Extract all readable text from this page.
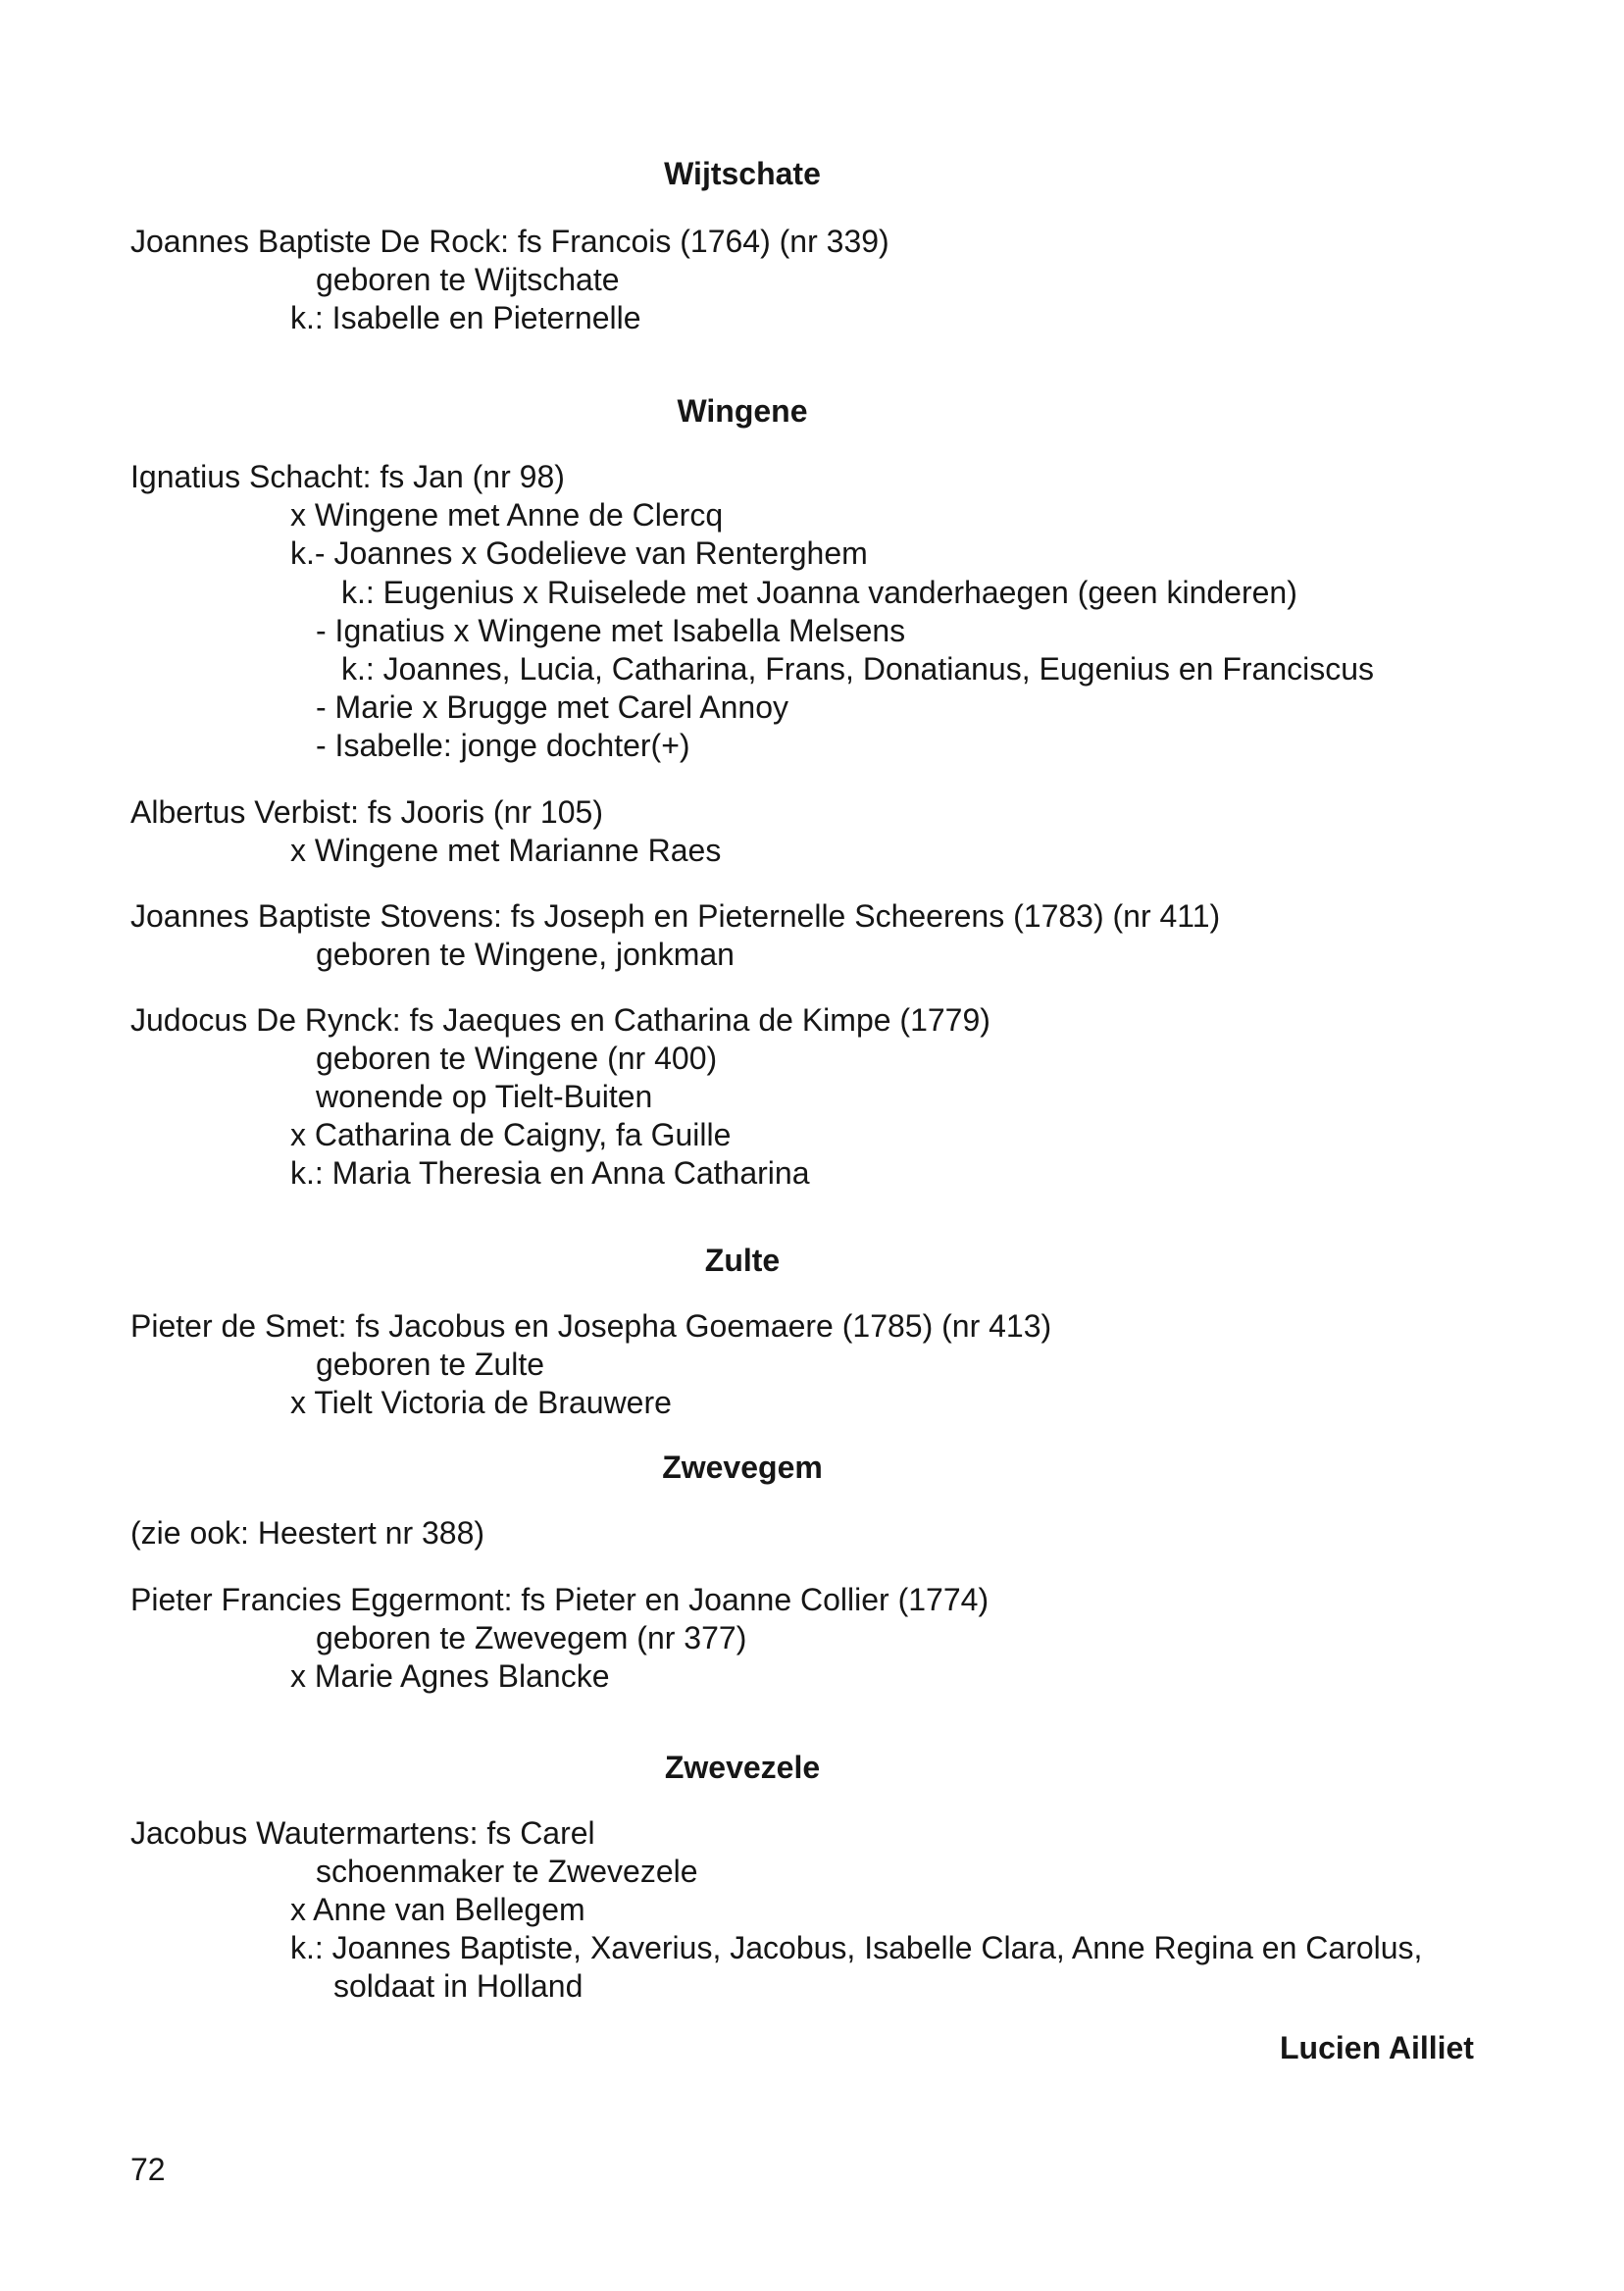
Wijtschate
Joannes Baptiste De Rock: fs Francois (1764) (nr 339)
geboren te Wijtschate
k.: Isabelle en Pieternelle
Wingene
Ignatius Schacht: fs Jan (nr 98)
x Wingene met Anne de Clercq
k.- Joannes x Godelieve van Renterghem
k.: Eugenius x Ruiselede met Joanna vanderhaegen (geen kinderen)
- Ignatius x Wingene met Isabella Melsens
k.: Joannes, Lucia, Catharina, Frans, Donatianus, Eugenius en Franciscus
- Marie x Brugge met Carel Annoy
- Isabelle: jonge dochter(+)
Albertus Verbist: fs Jooris (nr 105)
x Wingene met Marianne Raes
Joannes Baptiste Stovens: fs Joseph en Pieternelle Scheerens (1783) (nr 411)
geboren te Wingene, jonkman
Judocus De Rynck: fs Jaeques en Catharina de Kimpe (1779)
geboren te Wingene (nr 400)
wonende op Tielt-Buiten
x Catharina de Caigny, fa Guille
k.: Maria Theresia en Anna Catharina
Zulte
Pieter de Smet: fs Jacobus en Josepha Goemaere (1785) (nr 413)
geboren te Zulte
x Tielt Victoria de Brauwere
Zwevegem
(zie ook: Heestert nr 388)
Pieter Francies Eggermont: fs Pieter en Joanne Collier (1774)
geboren te Zwevegem (nr 377)
x Marie Agnes Blancke
Zwevezele
Jacobus Wautermartens: fs Carel
schoenmaker te Zwevezele
x Anne van Bellegem
k.: Joannes Baptiste, Xaverius, Jacobus, Isabelle Clara, Anne Regina en Carolus,
soldaat in Holland
Lucien Ailliet
72
